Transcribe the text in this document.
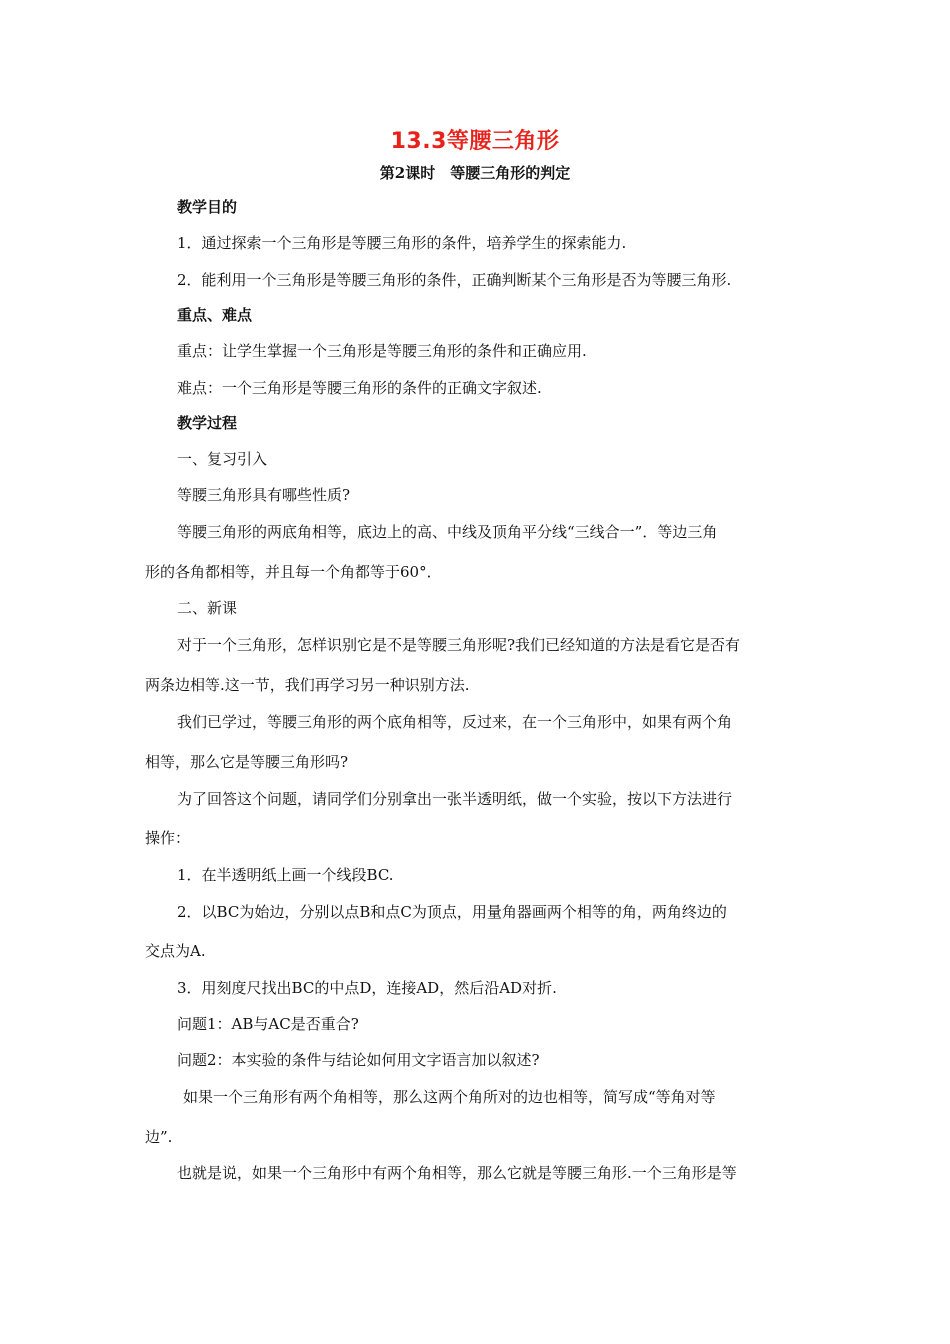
13.3等腰三角形
第2课时　等腰三角形的判定
教学目的
1．通过探索一个三角形是等腰三角形的条件，培养学生的探索能力.
2．能利用一个三角形是等腰三角形的条件，正确判断某个三角形是否为等腰三角形.
重点、难点
重点：让学生掌握一个三角形是等腰三角形的条件和正确应用.
难点：一个三角形是等腰三角形的条件的正确文字叙述.
教学过程
一、复习引入
等腰三角形具有哪些性质?
等腰三角形的两底角相等，底边上的高、中线及顶角平分线“三线合一”．等边三角
形的各角都相等，并且每一个角都等于60°．
二、新课
对于一个三角形，怎样识别它是不是等腰三角形呢?我们已经知道的方法是看它是否有
两条边相等.这一节，我们再学习另一种识别方法.
我们已学过，等腰三角形的两个底角相等，反过来，在一个三角形中，如果有两个角
相等，那么它是等腰三角形吗?
为了回答这个问题，请同学们分别拿出一张半透明纸，做一个实验，按以下方法进行
操作：
1．在半透明纸上画一个线段BC.
2．以BC为始边，分别以点B和点C为顶点，用量角器画两个相等的角，两角终边的
交点为A.
3．用刻度尺找出BC的中点D，连接AD，然后沿AD对折.
问题1：AB与AC是否重合?
问题2：本实验的条件与结论如何用文字语言加以叙述?
如果一个三角形有两个角相等，那么这两个角所对的边也相等，简写成“等角对等
边”.
也就是说，如果一个三角形中有两个角相等，那么它就是等腰三角形.一个三角形是等
